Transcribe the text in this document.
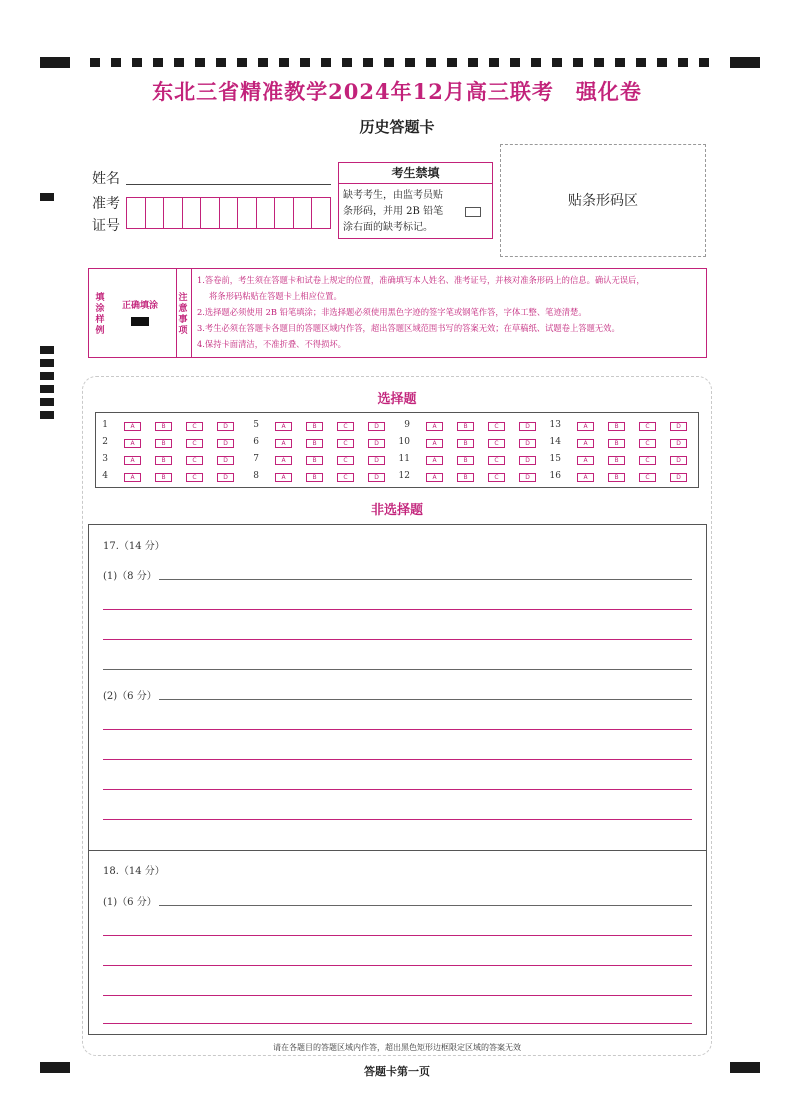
东北三省精准教学2024年12月高三联考　强化卷
历史答题卡
姓名
准考
证号
考生禁填
缺考考生，由监考员贴
条形码，并用 2B 铅笔
涂右面的缺考标记。
贴条形码区
填涂样例
正确填涂
注意事项
1.答卷前，考生须在答题卡和试卷上规定的位置，准确填写本人姓名、准考证号，并核对准条形码上的信息。确认无误后，
将条形码粘贴在答题卡上相应位置。
2.选择题必须使用 2B 铅笔填涂；非选择题必须使用黑色字迹的签字笔或钢笔作答，字体工整、笔迹清楚。
3.考生必须在答题卡各题目的答题区域内作答，超出答题区域范围书写的答案无效；在草稿纸、试题卷上答题无效。
4.保持卡面清洁，不准折叠、不得损坏。
选择题
1	A	B	C	D
2	A	B	C	D
3	A	B	C	D
4	A	B	C	D
5	A	B	C	D
6	A	B	C	D
7	A	B	C	D
8	A	B	C	D
9	A	B	C	D
10	A	B	C	D
11	A	B	C	D
12	A	B	C	D
13	A	B	C	D
14	A	B	C	D
15	A	B	C	D
16	A	B	C	D
非选择题
17.（14 分）
(1)（8 分）
(2)（6 分）
18.（14 分）
(1)（6 分）
请在各题目的答题区域内作答，超出黑色矩形边框限定区域的答案无效
答题卡第一页
